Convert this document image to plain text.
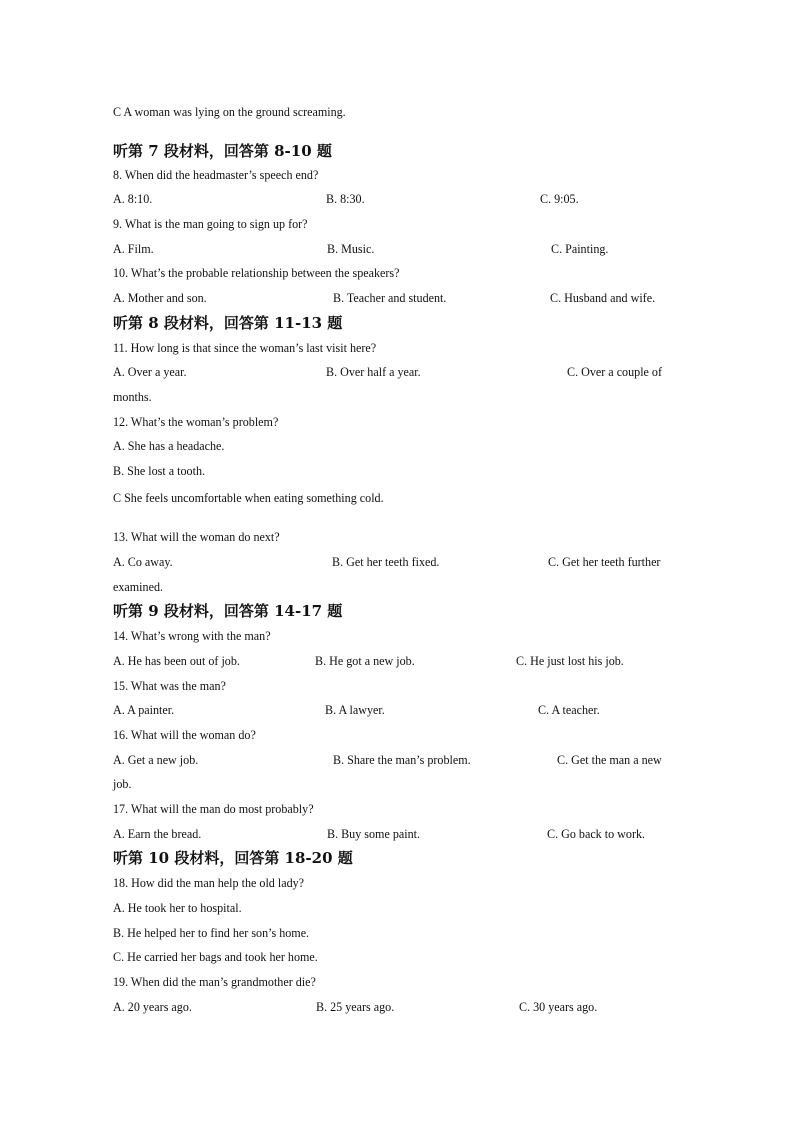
C A woman was lying on the ground screaming.
听第 7 段材料，回答第 8-10 题
8. When did the headmaster’s speech end?
A. 8:10.	B. 8:30.	C. 9:05.
9. What is the man going to sign up for?
A. Film.	B. Music.	C. Painting.
10. What’s the probable relationship between the speakers?
A. Mother and son.	B. Teacher and student.	C. Husband and wife.
听第 8 段材料，回答第 11-13 题
11. How long is that since the woman’s last visit here?
A. Over a year.	B. Over half a year.	C. Over a couple of
months.
12. What’s the woman’s problem?
A. She has a headache.
B. She lost a tooth.
C She feels uncomfortable when eating something cold.
13. What will the woman do next?
A. Co away.	B. Get her teeth fixed.	C. Get her teeth further
examined.
听第 9 段材料，回答第 14-17 题
14. What’s wrong with the man?
A. He has been out of job.	B. He got a new job.	C. He just lost his job.
15. What was the man?
A. A painter.	B. A lawyer.	C. A teacher.
16. What will the woman do?
A. Get a new job.	B. Share the man’s problem.	C. Get the man a new
job.
17. What will the man do most probably?
A. Earn the bread.	B. Buy some paint.	C. Go back to work.
听第 10 段材料，回答第 18-20 题
18. How did the man help the old lady?
A. He took her to hospital.
B. He helped her to find her son’s home.
C. He carried her bags and took her home.
19. When did the man’s grandmother die?
A. 20 years ago.	B. 25 years ago.	C. 30 years ago.
